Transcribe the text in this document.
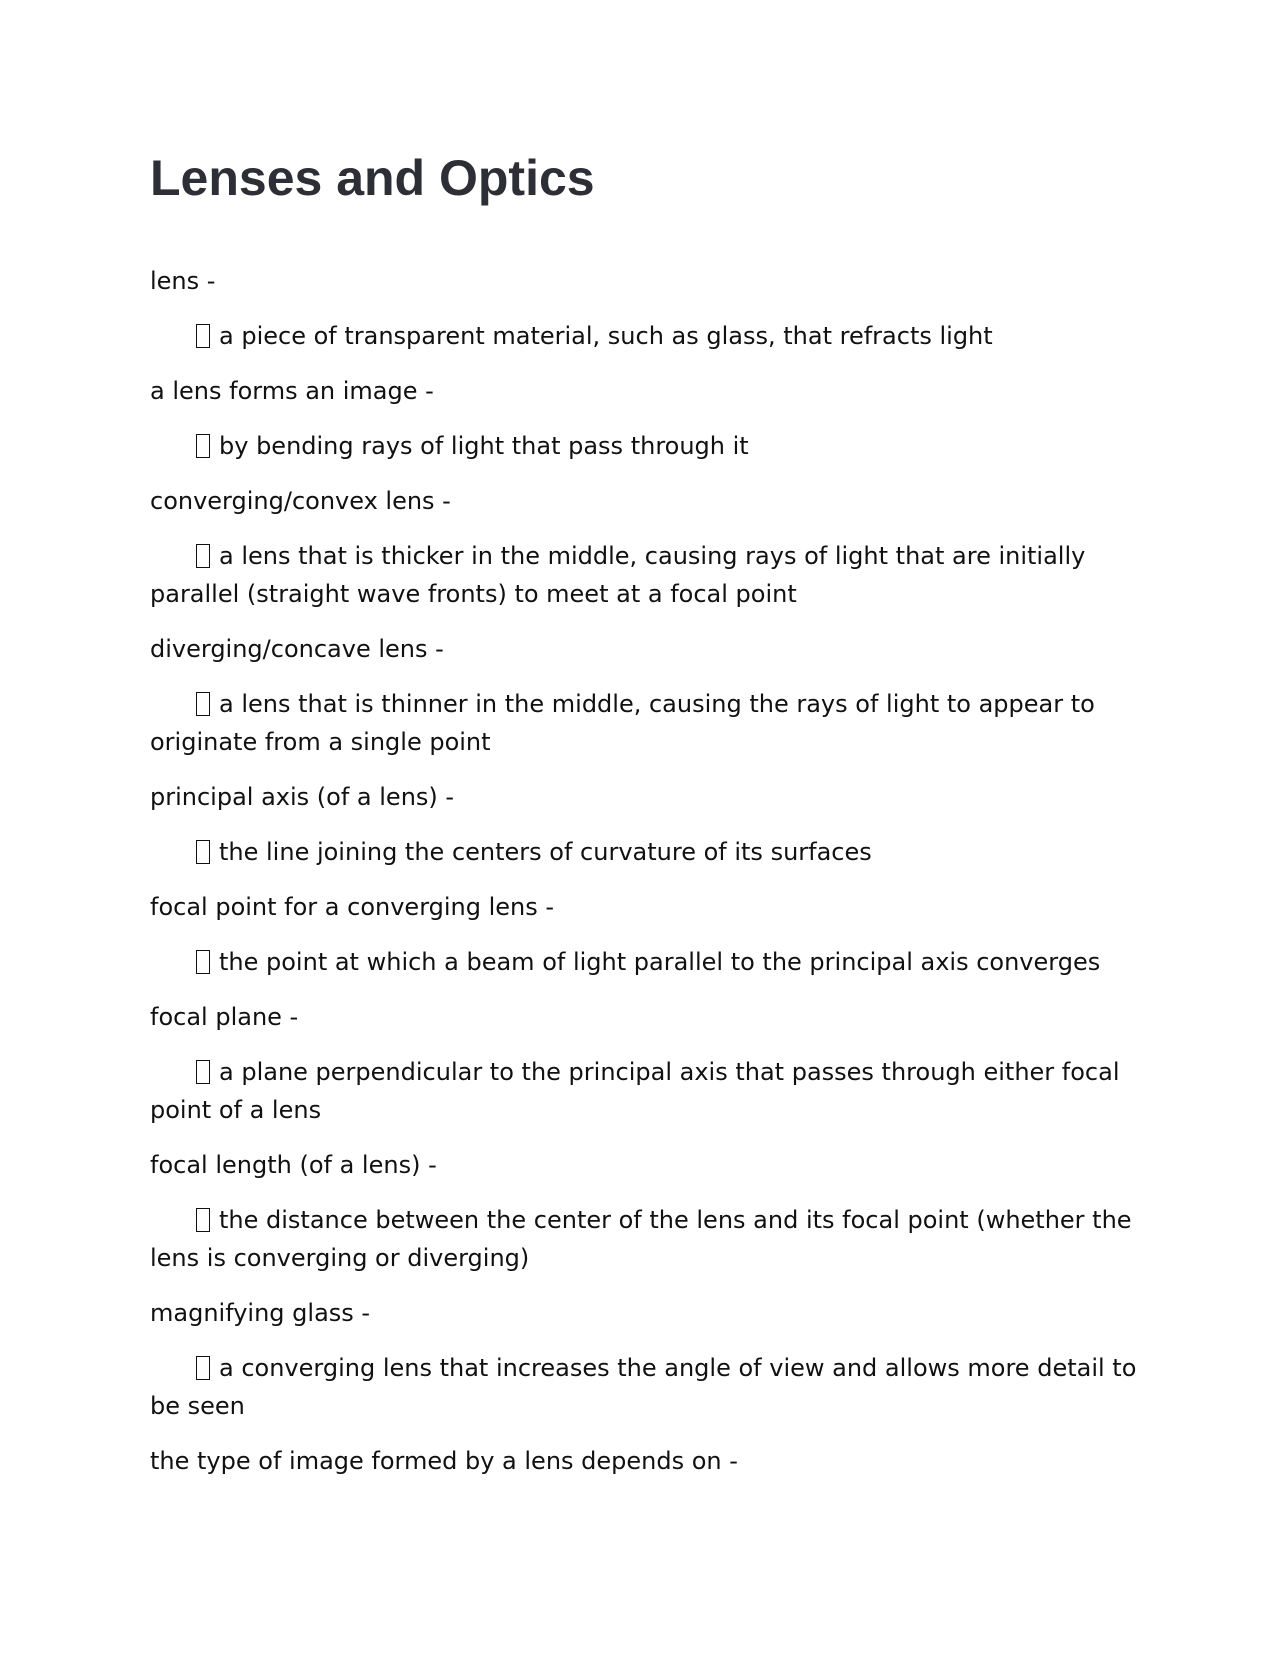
Lenses and Optics

lens -

a piece of transparent material, such as glass, that refracts light

a lens forms an image -

by bending rays of light that pass through it

converging/convex lens -

a lens that is thicker in the middle, causing rays of light that are initially parallel (straight wave fronts) to meet at a focal point

diverging/concave lens -

a lens that is thinner in the middle, causing the rays of light to appear to originate from a single point

principal axis (of a lens) -

the line joining the centers of curvature of its surfaces

focal point for a converging lens -

the point at which a beam of light parallel to the principal axis converges

focal plane -

a plane perpendicular to the principal axis that passes through either focal point of a lens

focal length (of a lens) -

the distance between the center of the lens and its focal point (whether the lens is converging or diverging)

magnifying glass -

a converging lens that increases the angle of view and allows more detail to be seen

the type of image formed by a lens depends on -
